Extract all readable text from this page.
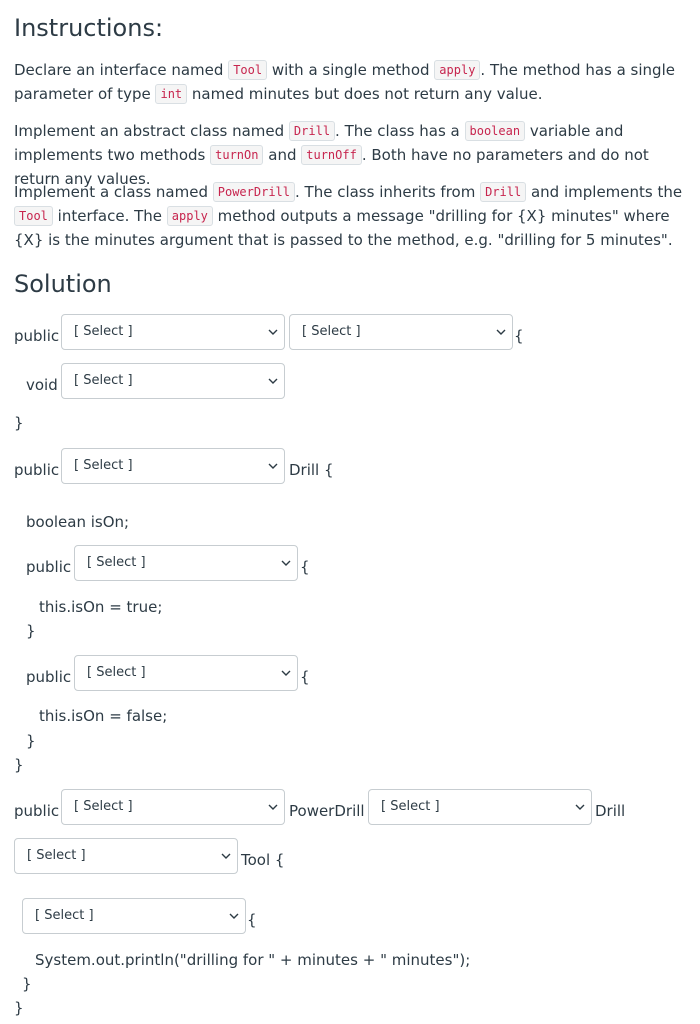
Instructions:
Declare an interface named Tool with a single method apply . The method has a single parameter of type int named minutes but does not return any value.
Implement an abstract class named Drill . The class has a boolean variable and implements two methods turnOn and turnOff . Both have no parameters and do not return any values.
Implement a class named PowerDrill . The class inherits from Drill and implements the Tool interface. The apply method outputs a message "drilling for {X} minutes" where {X} is the minutes argument that is passed to the method, e.g. "drilling for 5 minutes".
Solution
public [ Select ]	[ Select ]	{
void [ Select ]
}
public [ Select ]	Drill {
boolean isOn;
public [ Select ]	{
this.isOn = true;
}
public [ Select ]	{
this.isOn = false;
}
}
public [ Select ]	PowerDrill [ Select ]	Drill
[ Select ]	Tool {
[ Select ]	{
System.out.println("drilling for " + minutes + " minutes");
}
}
